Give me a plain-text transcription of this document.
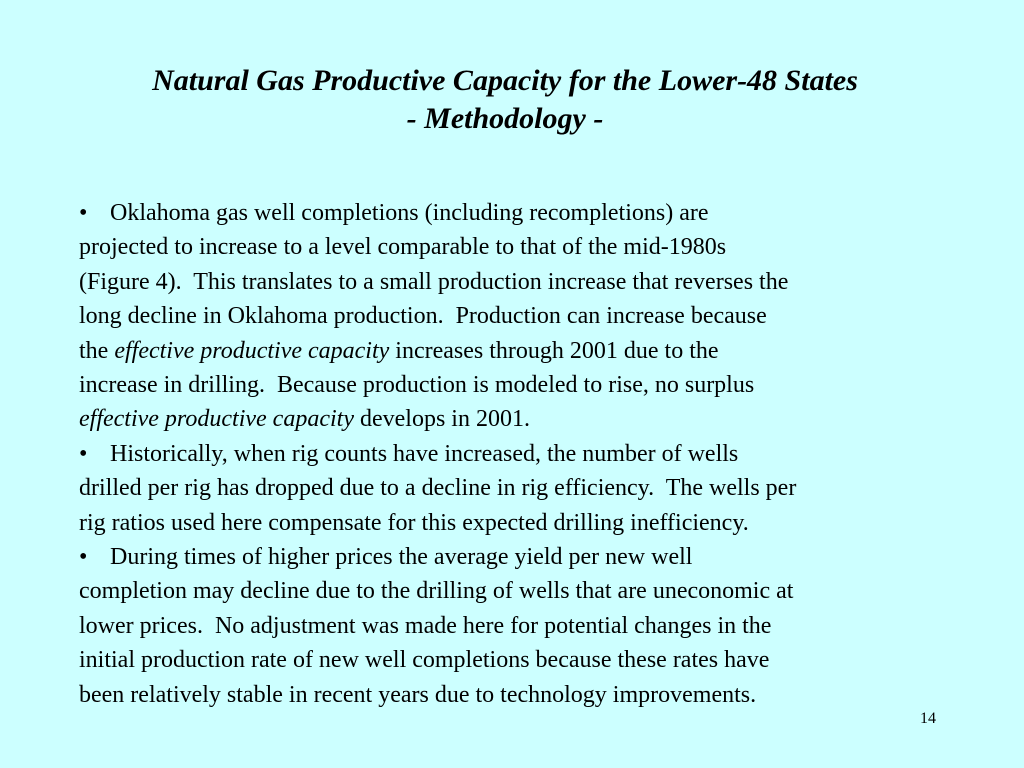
Natural Gas Productive Capacity for the Lower-48 States
- Methodology -
• Oklahoma gas well completions (including recompletions) are
projected to increase to a level comparable to that of the mid-1980s
(Figure 4).  This translates to a small production increase that reverses the
long decline in Oklahoma production.  Production can increase because
the effective productive capacity increases through 2001 due to the
increase in drilling.  Because production is modeled to rise, no surplus
effective productive capacity develops in 2001.
• Historically, when rig counts have increased, the number of wells
drilled per rig has dropped due to a decline in rig efficiency.  The wells per
rig ratios used here compensate for this expected drilling inefficiency.
• During times of higher prices the average yield per new well
completion may decline due to the drilling of wells that are uneconomic at
lower prices.  No adjustment was made here for potential changes in the
initial production rate of new well completions because these rates have
been relatively stable in recent years due to technology improvements.
14
